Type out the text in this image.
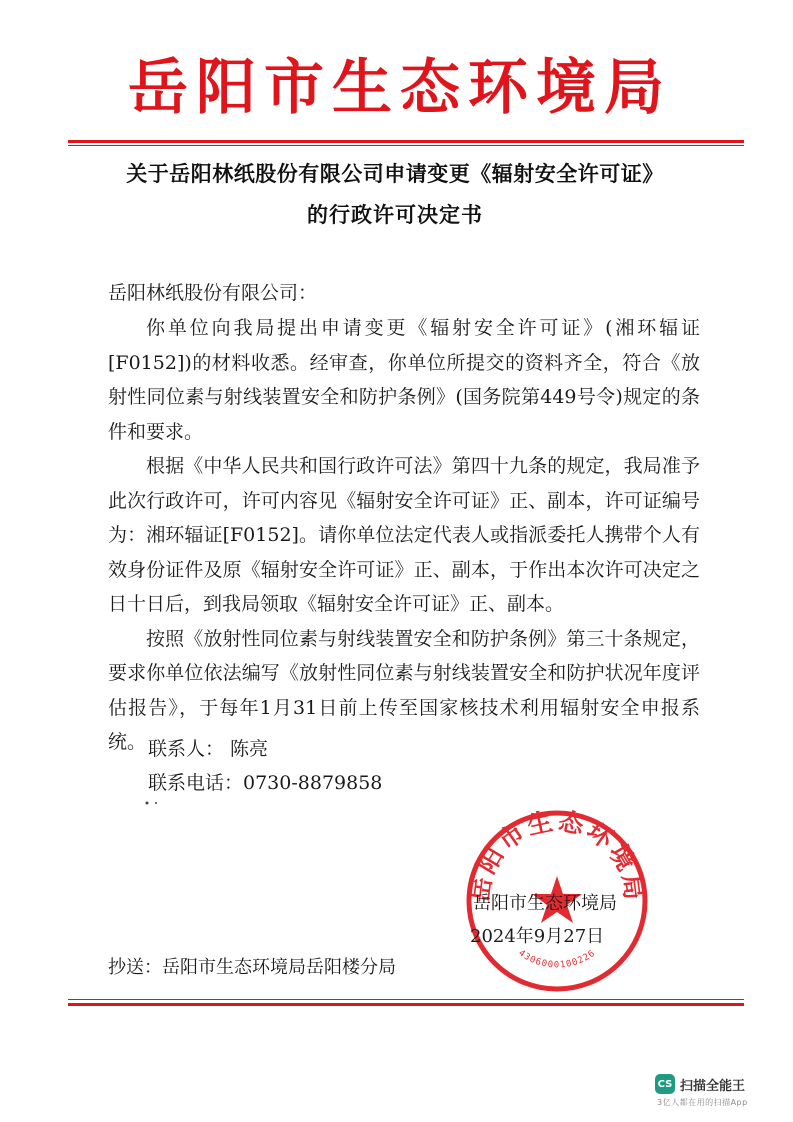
岳阳市生态环境局
关于岳阳林纸股份有限公司申请变更《辐射安全许可证》
的行政许可决定书
岳阳林纸股份有限公司：

你单位向我局提出申请变更《辐射安全许可证》(湘环辐证[F0152])的材料收悉。经审查，你单位所提交的资料齐全，符合《放射性同位素与射线装置安全和防护条例》(国务院第449号令)规定的条件和要求。

根据《中华人民共和国行政许可法》第四十九条的规定，我局准予此次行政许可，许可内容见《辐射安全许可证》正、副本，许可证编号为：湘环辐证[F0152]。请你单位法定代表人或指派委托人携带个人有效身份证件及原《辐射安全许可证》正、副本，于作出本次许可决定之日十日后，到我局领取《辐射安全许可证》正、副本。

按照《放射性同位素与射线装置安全和防护条例》第三十条规定，要求你单位依法编写《放射性同位素与射线装置安全和防护状况年度评估报告》，于每年1月31日前上传至国家核技术利用辐射安全申报系统。 联系人： 陈亮
联系电话：0730-8879858
岳阳市生态环境局
4306000100226
岳阳市生态环境局
2024年9月27日
抄送：岳阳市生态环境局岳阳楼分局
CS 扫描全能王
3亿人都在用的扫描App
